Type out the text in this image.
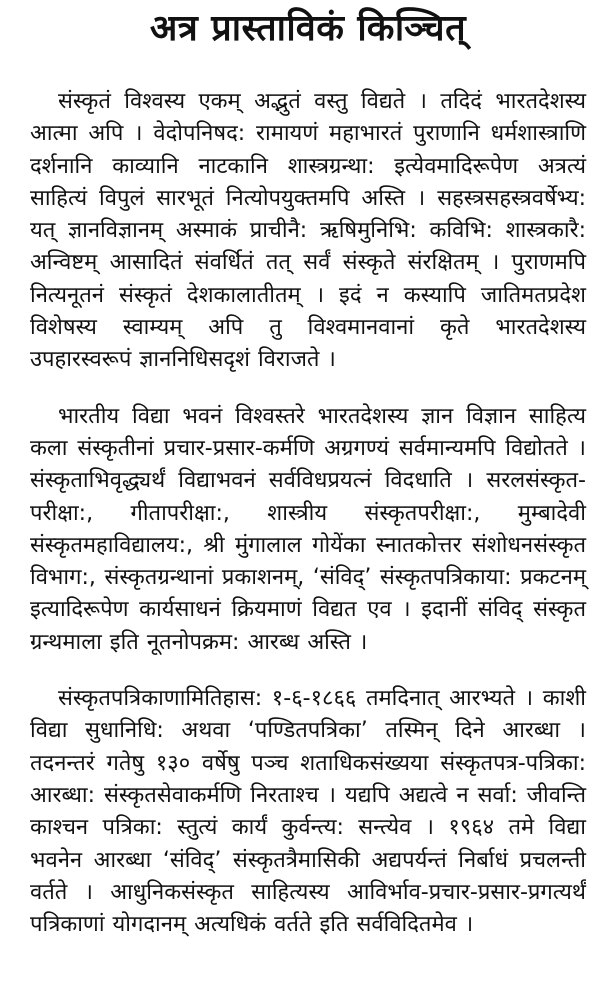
अत्र प्रास्ताविकं किञ्चित्

संस्कृतं विश्वस्य एकम् अद्भुतं वस्तु विद्यते । तदिदं भारतदेशस्य आत्मा अपि । वेदोपनिषद: रामायणं महाभारतं पुराणानि धर्मशास्त्राणि दर्शनानि काव्यानि नाटकानि शास्त्रग्रन्था: इत्येवमादिरूपेण अत्रत्यं साहित्यं विपुलं सारभूतं नित्योपयुक्तमपि अस्ति । सहस्त्रसहस्त्रवर्षेभ्य: यत् ज्ञानविज्ञानम् अस्माकं प्राचीनै: ऋषिमुनिभि: कविभि: शास्त्रकारै: अन्विष्टम् आसादितं संवर्धितं तत् सर्वं संस्कृते संरक्षितम् । पुराणमपि नित्यनूतनं संस्कृतं देशकालातीतम् । इदं न कस्यापि जातिमतप्रदेश विशेषस्य स्वाम्यम् अपि तु विश्वमानवानां कृते भारतदेशस्य उपहारस्वरूपं ज्ञाननिधिसदृशं विराजते ।

भारतीय विद्या भवनं विश्वस्तरे भारतदेशस्य ज्ञान विज्ञान साहित्य कला संस्कृतीनां प्रचार-प्रसार-कर्मणि अग्रगण्यं सर्वमान्यमपि विद्योतते । संस्कृताभिवृद्ध्यर्थं विद्याभवनं सर्वविधप्रयत्नं विदधाति । सरलसंस्कृत-परीक्षा:, गीतापरीक्षा:, शास्त्रीय संस्कृतपरीक्षा:, मुम्बादेवी संस्कृतमहाविद्यालय:, श्री मुंगालाल गोयेंका स्नातकोत्तर संशोधनसंस्कृत विभाग:, संस्कृतग्रन्थानां प्रकाशनम्, ‘संविद्’ संस्कृतपत्रिकाया: प्रकटनम् इत्यादिरूपेण कार्यसाधनं क्रियमाणं विद्यत एव । इदानीं संविद् संस्कृत ग्रन्थमाला इति नूतनोपक्रम: आरब्ध अस्ति ।

संस्कृतपत्रिकाणामितिहास: १-६-१८६६ तमदिनात् आरभ्यते । काशी विद्या सुधानिधि: अथवा ‘पण्डितपत्रिका’ तस्मिन् दिने आरब्धा । तदनन्तरं गतेषु १३० वर्षेषु पञ्च शताधिकसंख्यया संस्कृतपत्र-पत्रिका: आरब्धा: संस्कृतसेवाकर्मणि निरताश्च । यद्यपि अद्यत्वे न सर्वा: जीवन्ति काश्चन पत्रिका: स्तुत्यं कार्यं कुर्वन्त्य: सन्त्येव । १९६४ तमे विद्या भवनेन आरब्धा ‘संविद्’ संस्कृतत्रैमासिकी अद्यपर्यन्तं निर्बाधं प्रचलन्ती वर्तते । आधुनिकसंस्कृत साहित्यस्य आविर्भाव-प्रचार-प्रसार-प्रगत्यर्थं पत्रिकाणां योगदानम् अत्यधिकं वर्तते इति सर्वविदितमेव ।
